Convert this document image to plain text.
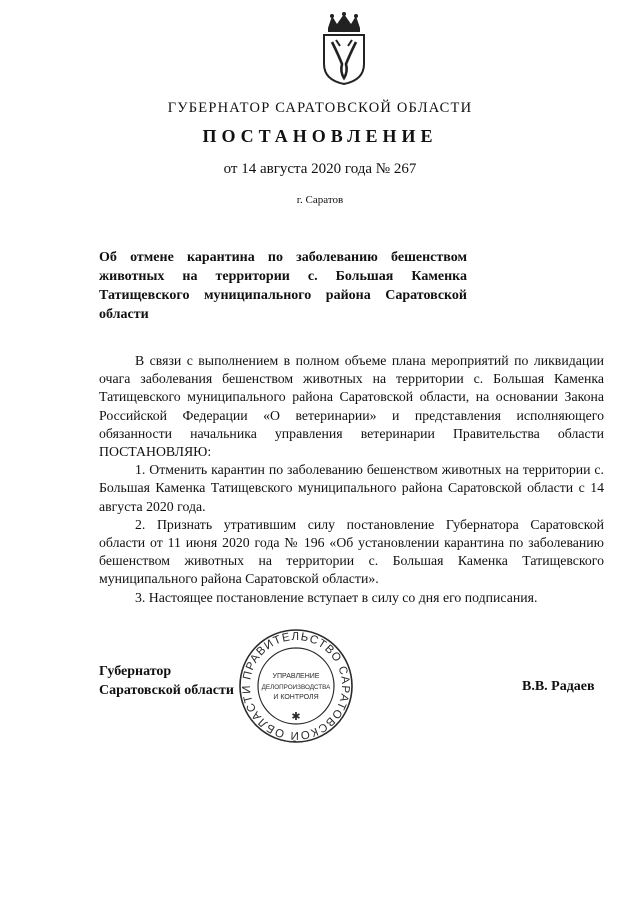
ГУБЕРНАТОР САРАТОВСКОЙ ОБЛАСТИ
ПОСТАНОВЛЕНИЕ
от 14 августа 2020 года № 267
г. Саратов
Об отмене карантина по заболеванию бешенством животных на территории с. Большая Каменка Татищевского муниципального района Саратовской области

В связи с выполнением в полном объеме плана мероприятий по ликвидации очага заболевания бешенством животных на территории с. Большая Каменка Татищевского муниципального района Саратовской области, на основании Закона Российской Федерации «О ветеринарии» и представления исполняющего обязанности начальника управления ветеринарии Правительства области ПОСТАНОВЛЯЮ:

1. Отменить карантин по заболеванию бешенством животных на территории с. Большая Каменка Татищевского муниципального района Саратовской области с 14 августа 2020 года.

2. Признать утратившим силу постановление Губернатора Саратовской области от 11 июня 2020 года № 196 «Об установлении карантина по заболеванию бешенством животных на территории с. Большая Каменка Татищевского муниципального района Саратовской области».

3. Настоящее постановление вступает в силу со дня его подписания.

Губернатор
Саратовской области	В.В. Радаев
ПРАВИТЕЛЬСТВО САРАТОВСКОЙ ОБЛАСТИ
УПРАВЛЕНИЕ
ДЕЛОПРОИЗВОДСТВА
И КОНТРОЛЯ
✱
